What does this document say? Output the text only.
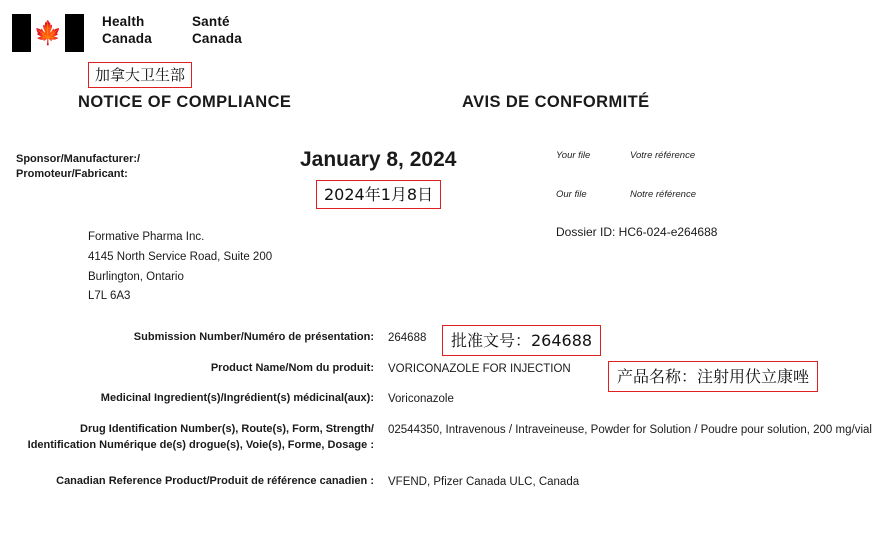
🍁	Health
Canada
Santé
Canada
加拿大卫生部
NOTICE OF COMPLIANCE	AVIS DE CONFORMITÉ
Sponsor/Manufacturer:/
Promoteur/Fabricant:
January 8, 2024
2024年1月8日
Formative Pharma Inc.
4145 North Service Road, Suite 200
Burlington, Ontario
L7L 6A3
Your file	Votre référence
Our file	Notre référence
Dossier ID: HC6-024-e264688
Submission Number/Numéro de présentation:	264688
Product Name/Nom du produit:	VORICONAZOLE FOR INJECTION
Medicinal Ingredient(s)/Ingrédient(s) médicinal(aux):	Voriconazole
Drug Identification Number(s), Route(s), Form, Strength/ Identification Numérique de(s) drogue(s), Voie(s), Forme, Dosage :
02544350, Intravenous / Intraveineuse, Powder for Solution / Poudre pour solution, 200 mg/vial
Canadian Reference Product/Produit de référence canadien :	VFEND, Pfizer Canada ULC, Canada
批准文号：264688
产品名称：注射用伏立康唑
